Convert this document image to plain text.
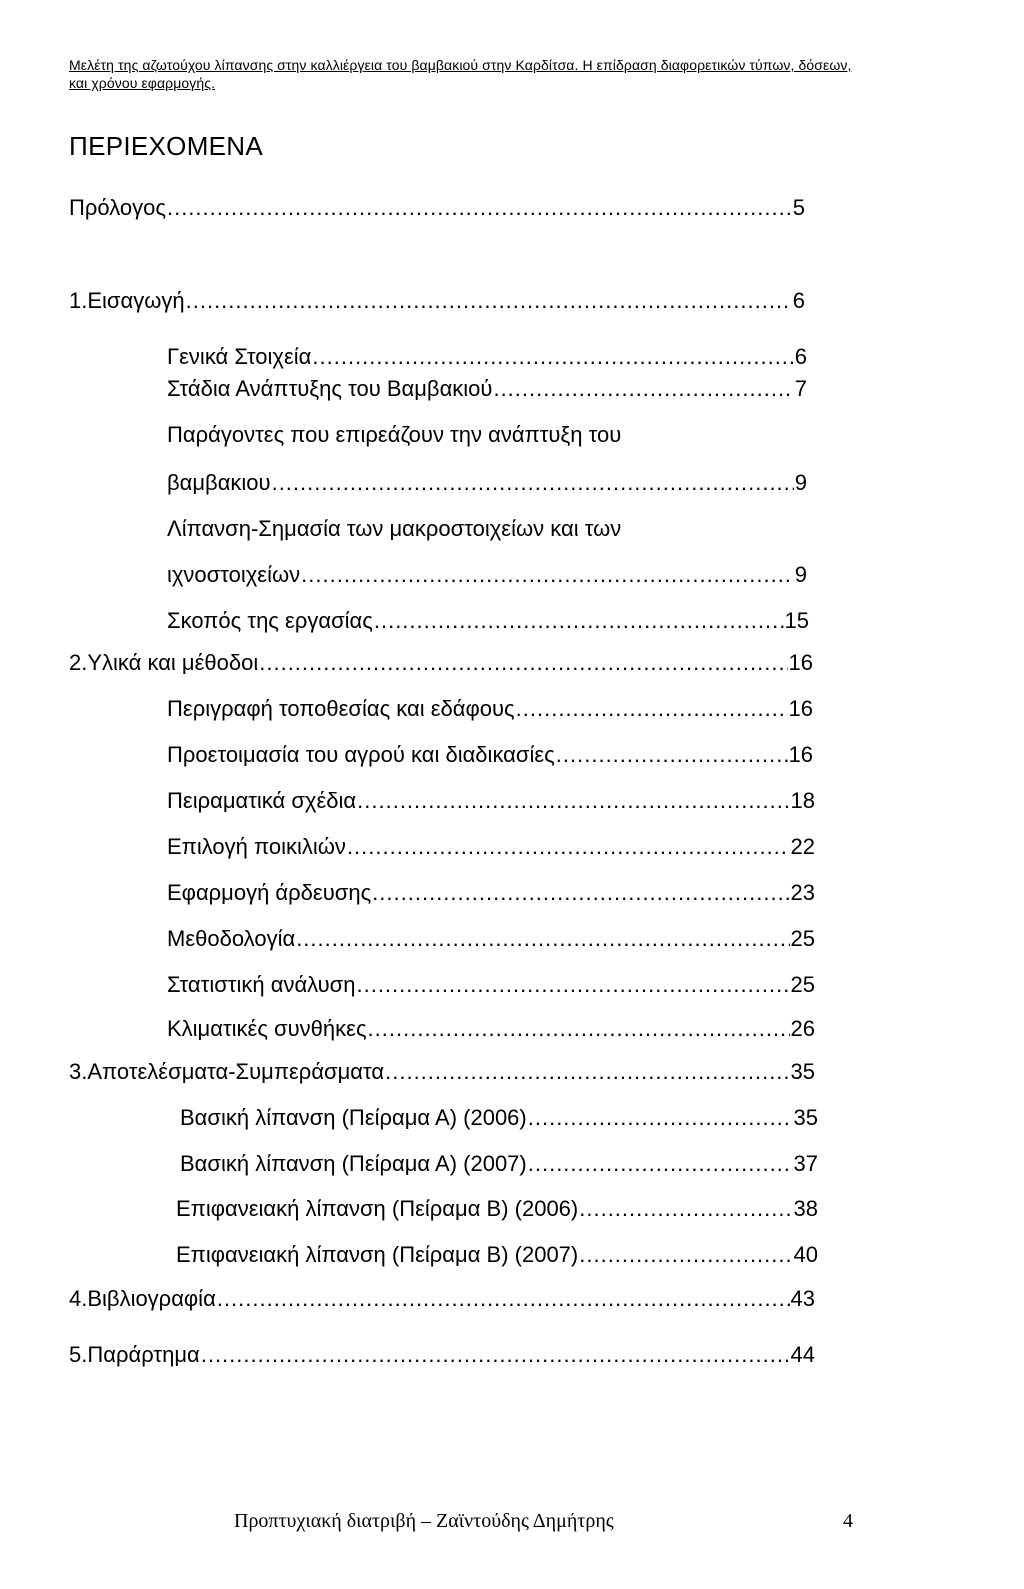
Μελέτη της αζωτούχου λίπανσης στην καλλιέργεια του βαμβακιού στην Καρδίτσα. Η επίδραση διαφορετικών τύπων, δόσεων, και χρόνου εφαρμογής.
ΠΕΡΙΕΧΟΜΕΝΑ
Πρόλογος .....	5
1.Εισαγωγή .....	6
Γενικά Στοιχεία .....	6
Στάδια Ανάπτυξης του Βαμβακιού .....	7
Παράγοντες που επιρεάζουν την ανάπτυξη του
βαμβακιου .....	9
Λίπανση-Σημασία των μακροστοιχείων και των
ιχνοστοιχείων .....	9
Σκοπός της εργασίας .....	15
2.Υλικά και μέθοδοι .....	16
Περιγραφή τοποθεσίας και εδάφους .....	16
Προετοιμασία του αγρού και διαδικασίες .....	16
Πειραματικά σχέδια .....	18
Επιλογή ποικιλιών .....	22
Εφαρμογή άρδευσης .....	23
Μεθοδολογία .....	25
Στατιστική ανάλυση .....	25
Κλιματικές συνθήκες .....	26
3.Αποτελέσματα-Συμπεράσματα .....	35
Βασική λίπανση (Πείραμα Α) (2006) .....	35
Βασική λίπανση (Πείραμα Α) (2007) .....	37
Επιφανειακή λίπανση (Πείραμα Β) (2006) .....	38
Επιφανειακή λίπανση (Πείραμα Β) (2007) .....	40
4.Βιβλιογραφία .....	43
5.Παράρτημα .....	44
Προπτυχιακή διατριβή – Ζαϊντούδης Δημήτρης	4
